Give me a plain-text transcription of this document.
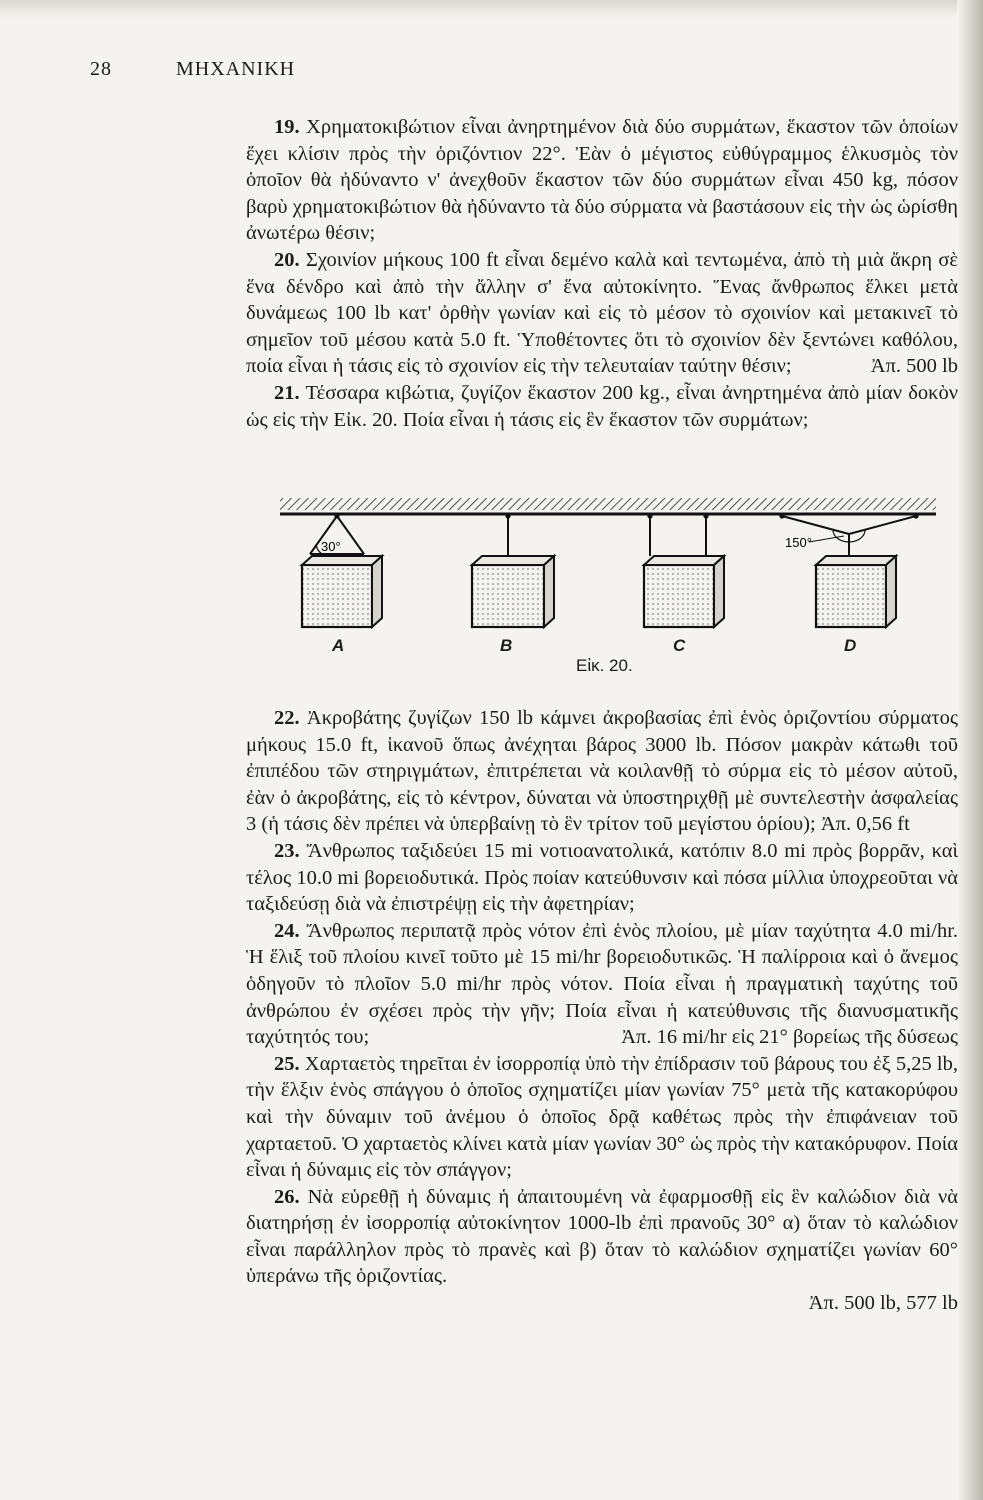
28	ΜΗΧΑΝΙΚΗ

19. Χρηματοκιβώτιον εἶναι ἀνηρτημένον διὰ δύο συρμάτων, ἕκαστον τῶν ὁποίων ἔχει κλίσιν πρὸς τὴν ὁριζόντιον 22°. Ἐὰν ὁ μέγιστος εὐθύγραμμος ἑλκυσμὸς τὸν ὁποῖον θὰ ἠδύναντο ν' ἀνεχθοῦν ἕκαστον τῶν δύο συρμάτων εἶναι 450 kg, πόσον βαρὺ χρηματοκιβώτιον θὰ ἠδύναντο τὰ δύο σύρματα νὰ βαστάσουν εἰς τὴν ὡς ὡρίσθη ἀνωτέρω θέσιν;

20. Σχοινίον μήκους 100 ft εἶναι δεμένο καλὰ καὶ τεντωμένα, ἀπὸ τὴ μιὰ ἄκρη σὲ ἕνα δένδρο καὶ ἀπὸ τὴν ἄλλην σ' ἕνα αὐτοκίνητο. Ἕνας ἄνθρωπος ἕλκει μετὰ δυνάμεως 100 lb κατ' ὀρθὴν γωνίαν καὶ εἰς τὸ μέσον τὸ σχοινίον καὶ μετακινεῖ τὸ σημεῖον τοῦ μέσου κατὰ 5.0 ft. Ὑποθέτοντες ὅτι τὸ σχοινίον δὲν ξεντώνει καθόλου, ποία εἶναι ἡ τάσις εἰς τὸ σχοινίον εἰς τὴν τελευταίαν ταύτην θέσιν;	Ἀπ. 500 lb

21. Τέσσαρα κιβώτια, ζυγίζον ἕκαστον 200 kg., εἶναι ἀνηρτημένα ἀπὸ μίαν δοκὸν ὡς εἰς τὴν Εἰκ. 20. Ποία εἶναι ἡ τάσις εἰς ἓν ἕκαστον τῶν συρμάτων;

30°	150°
A	B	C	D
Εἰκ. 20.

22. Ἀκροβάτης ζυγίζων 150 lb κάμνει ἀκροβασίας ἐπὶ ἑνὸς ὁριζοντίου σύρματος μήκους 15.0 ft, ἱκανοῦ ὅπως ἀνέχηται βάρος 3000 lb. Πόσον μακρὰν κάτωθι τοῦ ἐπιπέδου τῶν στηριγμάτων, ἐπιτρέπεται νὰ κοιλανθῇ τὸ σύρμα εἰς τὸ μέσον αὐτοῦ, ἐὰν ὁ ἀκροβάτης, εἰς τὸ κέντρον, δύναται νὰ ὑποστηριχθῇ μὲ συντελεστὴν ἀσφαλείας 3 (ἡ τάσις δὲν πρέπει νὰ ὑπερβαίνῃ τὸ ἓν τρίτον τοῦ μεγίστου ὁρίου); Ἀπ. 0,56 ft

23. Ἄνθρωπος ταξιδεύει 15 mi νοτιοανατολικά, κατόπιν 8.0 mi πρὸς βορρᾶν, καὶ τέλος 10.0 mi βορειοδυτικά. Πρὸς ποίαν κατεύθυνσιν καὶ πόσα μίλλια ὑποχρεοῦται νὰ ταξιδεύσῃ διὰ νὰ ἐπιστρέψῃ εἰς τὴν ἀφετηρίαν;

24. Ἄνθρωπος περιπατᾷ πρὸς νότον ἐπὶ ἑνὸς πλοίου, μὲ μίαν ταχύτητα 4.0 mi/hr. Ἡ ἕλιξ τοῦ πλοίου κινεῖ τοῦτο μὲ 15 mi/hr βορειοδυτικῶς. Ἡ παλίρροια καὶ ὁ ἄνεμος ὁδηγοῦν τὸ πλοῖον 5.0 mi/hr πρὸς νότον. Ποία εἶναι ἡ πραγματικὴ ταχύτης τοῦ ἀνθρώπου ἐν σχέσει πρὸς τὴν γῆν; Ποία εἶναι ἡ κατεύθυνσις τῆς διανυσματικῆς ταχύτητός του;	Ἀπ. 16 mi/hr εἰς 21° βορείως τῆς δύσεως

25. Χαρταετὸς τηρεῖται ἐν ἰσορροπίᾳ ὑπὸ τὴν ἐπίδρασιν τοῦ βάρους του ἐξ 5,25 lb, τὴν ἕλξιν ἑνὸς σπάγγου ὁ ὁποῖος σχηματίζει μίαν γωνίαν 75° μετὰ τῆς κατακορύφου καὶ τὴν δύναμιν τοῦ ἀνέμου ὁ ὁποῖος δρᾷ καθέτως πρὸς τὴν ἐπιφάνειαν τοῦ χαρταετοῦ. Ὁ χαρταετὸς κλίνει κατὰ μίαν γωνίαν 30° ὡς πρὸς τὴν κατακόρυφον. Ποία εἶναι ἡ δύναμις εἰς τὸν σπάγγον;

26. Νὰ εὑρεθῇ ἡ δύναμις ἡ ἀπαιτουμένη νὰ ἐφαρμοσθῇ εἰς ἓν καλώδιον διὰ νὰ διατηρήσῃ ἐν ἰσορροπίᾳ αὐτοκίνητον 1000-lb ἐπὶ πρανοῦς 30° α) ὅταν τὸ καλώδιον εἶναι παράλληλον πρὸς τὸ πρανὲς καὶ β) ὅταν τὸ καλώδιον σχηματίζει γωνίαν 60° ὑπεράνω τῆς ὁριζοντίας.

Ἀπ. 500 lb, 577 lb
